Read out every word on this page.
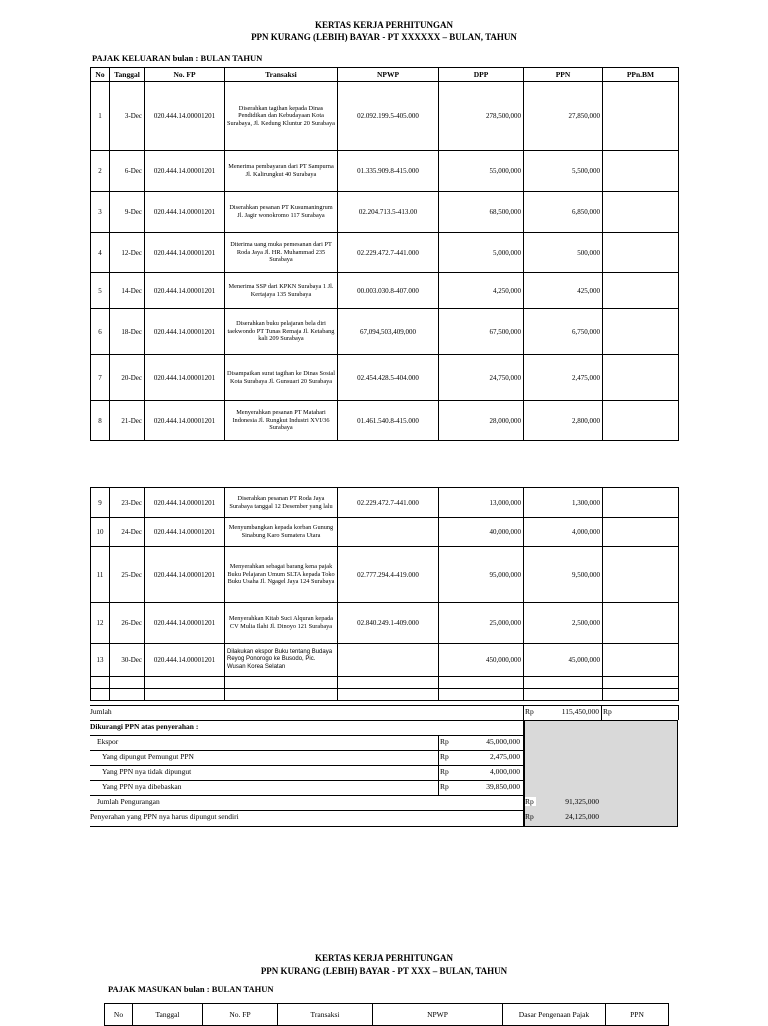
KERTAS KERJA PERHITUNGAN
PPN KURANG (LEBIH) BAYAR - PT XXXXXX – BULAN, TAHUN
PAJAK KELUARAN bulan : BULAN TAHUN
No	Tanggal	No. FP	Transaksi	NPWP	DPP	PPN	PPn.BM
1	3-Dec	020.444.14.00001201	Diserahkan tagihan kepada Dinas Pendidikan dan Kebudayaan Kota Surabaya, Jl. Kedung Kluntur 20 Surabaya	02.092.199.5-405.000	278,500,000	27,850,000	
2	6-Dec	020.444.14.00001201	Menerima pembayaran dari PT Sampurna Jl. Kalirungkut 40 Surabaya	01.335.909.8-415.000	55,000,000	5,500,000	
3	9-Dec	020.444.14.00001201	Diserahkan pesanan PT Kusumaningrum Jl. Jagir wonokromo 117 Surabaya	02.204.713.5-413.00	68,500,000	6,850,000	
4	12-Dec	020.444.14.00001201	Diterima uang muka pemesanan dari PT Roda Jaya Jl. HR. Muhammad 235 Surabaya	02.229.472.7-441.000	5,000,000	500,000	
5	14-Dec	020.444.14.00001201	Menerima SSP dari KPKN Surabaya 1 Jl. Kertajaya 135 Surabaya	00.003.030.8-407.000	4,250,000	425,000	
6	18-Dec	020.444.14.00001201	Diserahkan buku pelajaran bela diri taekwondo PT Tunas Remaja Jl. Ketabang kali 209 Surabaya	67,094,503,409,000	67,500,000	6,750,000	
7	20-Dec	020.444.14.00001201	Disampaikan surat tagihan ke Dinas Sosial Kota Surabaya Jl. Gunsuari 20 Surabaya	02.454.428.5-404.000	24,750,000	2,475,000	
8	21-Dec	020.444.14.00001201	Menyerahkan pesanan PT Matahari Indonesia Jl. Rungkut Industri XVI/36 Surabaya	01.461.540.8-415.000	28,000,000	2,800,000	
9	23-Dec	020.444.14.00001201	Diserahkan pesanan PT Roda Jaya Surabaya tanggal 12 Desember yang lalu	02.229.472.7-441.000	13,000,000	1,300,000	
10	24-Dec	020.444.14.00001201	Menyumbangkan kepada korban Gunung Sinabung Karo Sumatera Utara		40,000,000	4,000,000	
11	25-Dec	020.444.14.00001201	Menyerahkan sebagai barang kena pajak Buku Pelajaran Umum SLTA kepada Toko Buku Usaha Jl. Ngagel Jaya 124 Surabaya	02.777.294.4-419.000	95,000,000	9,500,000	
12	26-Dec	020.444.14.00001201	Menyerahkan Kitab Suci Alquran kepada CV Mulia Ilahi Jl. Dinoyo 121 Surabaya	02.840.249.1-409.000	25,000,000	2,500,000	
13	30-Dec	020.444.14.00001201	Dilakukan ekspor Buku tentang Budaya Reyog Ponorogo ke Busodo, Pic. Wusan Korea Selatan		450,000,000	45,000,000	

Jumlah	Rp	115,450,000 Rp
Dikurangi PPN atas penyerahan :
Ekspor	Rp	45,000,000
Yang dipungut Pemungut PPN	Rp	2,475,000
Yang PPN nya tidak dipungut	Rp	4,000,000
Yang PPN nya dibebaskan	Rp	39,850,000
Jumlah Pengurangan	Rp	91,325,000
Penyerahan yang PPN nya harus dipungut sendiri	Rp	24,125,000
KERTAS KERJA PERHITUNGAN
PPN KURANG (LEBIH) BAYAR - PT XXX – BULAN, TAHUN
PAJAK MASUKAN bulan : BULAN TAHUN
No	Tanggal	No. FP	Transaksi	NPWP	Dasar Pengenaan Pajak	PPN
